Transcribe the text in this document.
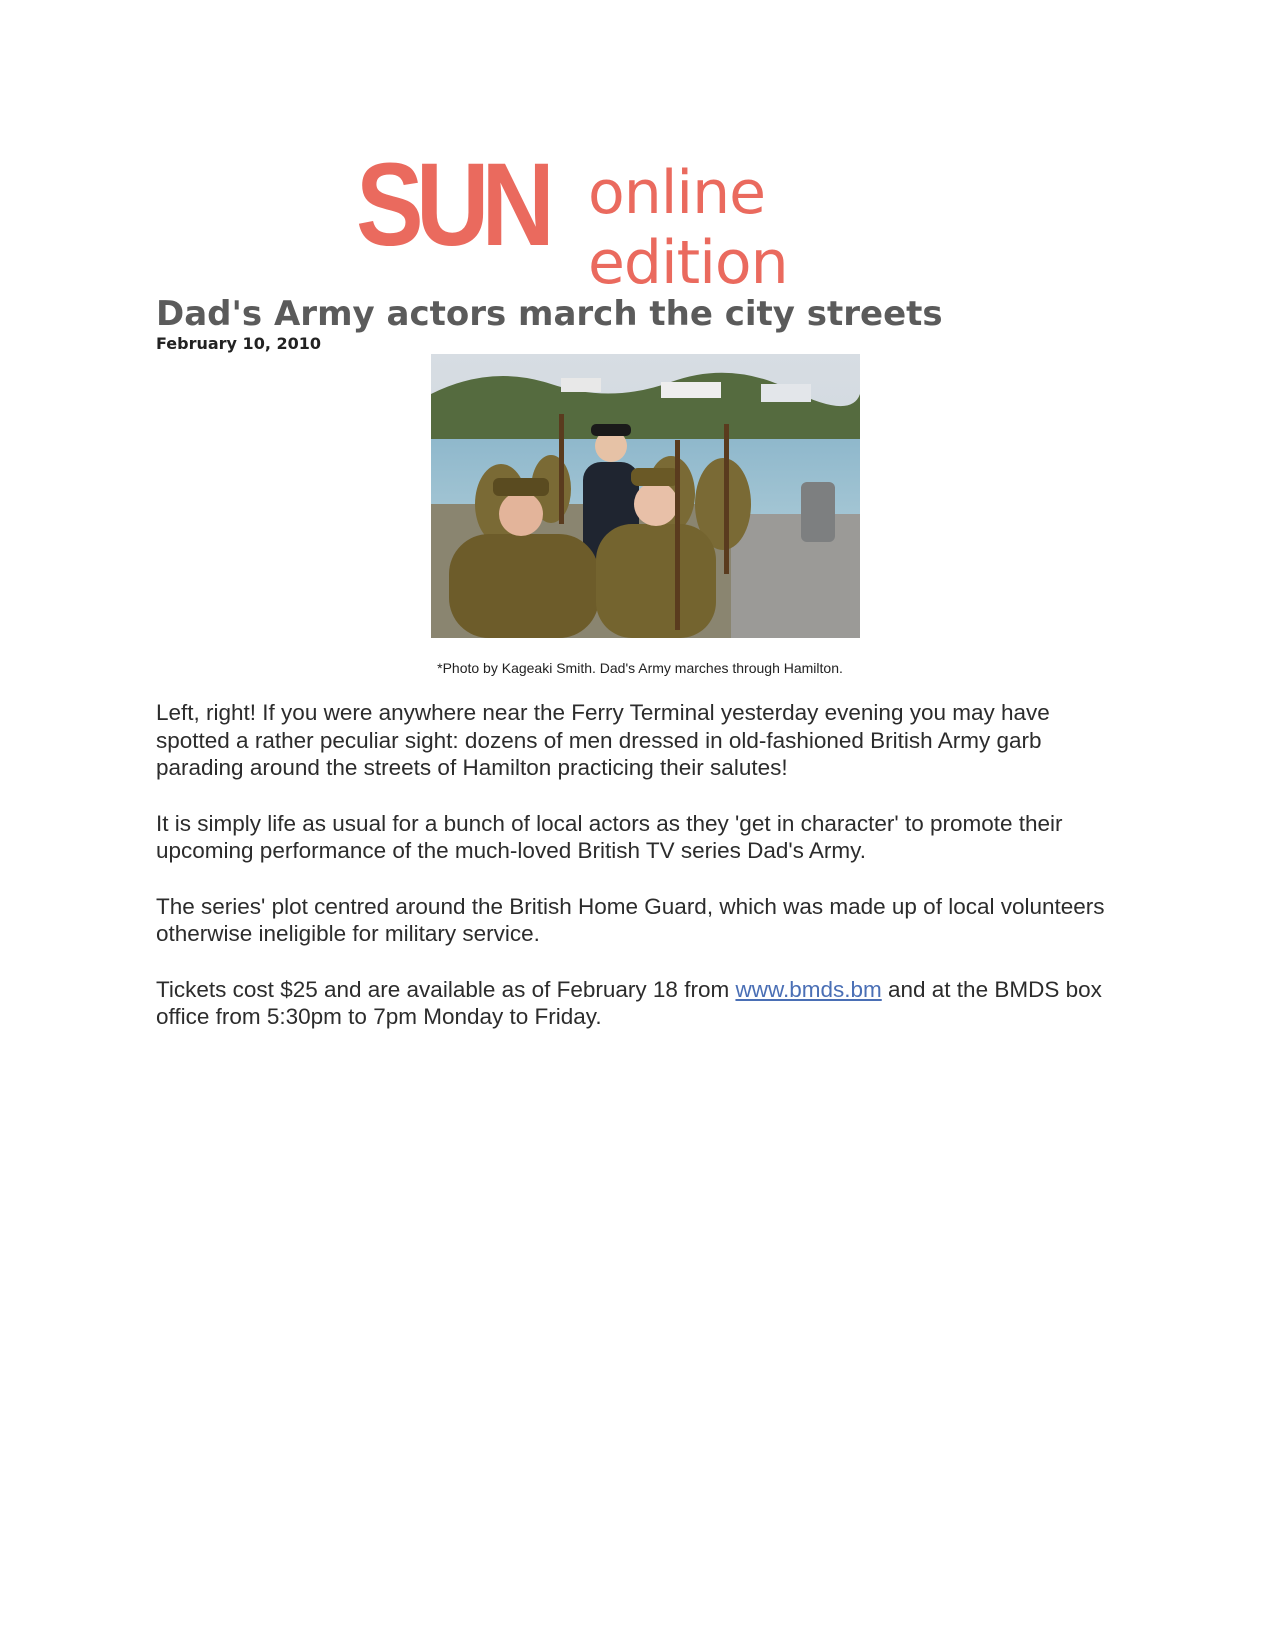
SUN online edition
Dad's Army actors march the city streets
February 10, 2010
*Photo by Kageaki Smith. Dad's Army marches through Hamilton.

Left, right! If you were anywhere near the Ferry Terminal yesterday evening you may have spotted a rather peculiar sight: dozens of men dressed in old-fashioned British Army garb parading around the streets of Hamilton practicing their salutes!

It is simply life as usual for a bunch of local actors as they 'get in character' to promote their upcoming performance of the much-loved British TV series Dad's Army.

The series' plot centred around the British Home Guard, which was made up of local volunteers otherwise ineligible for military service.

Tickets cost $25 and are available as of February 18 from www.bmds.bm and at the BMDS box office from 5:30pm to 7pm Monday to Friday.
